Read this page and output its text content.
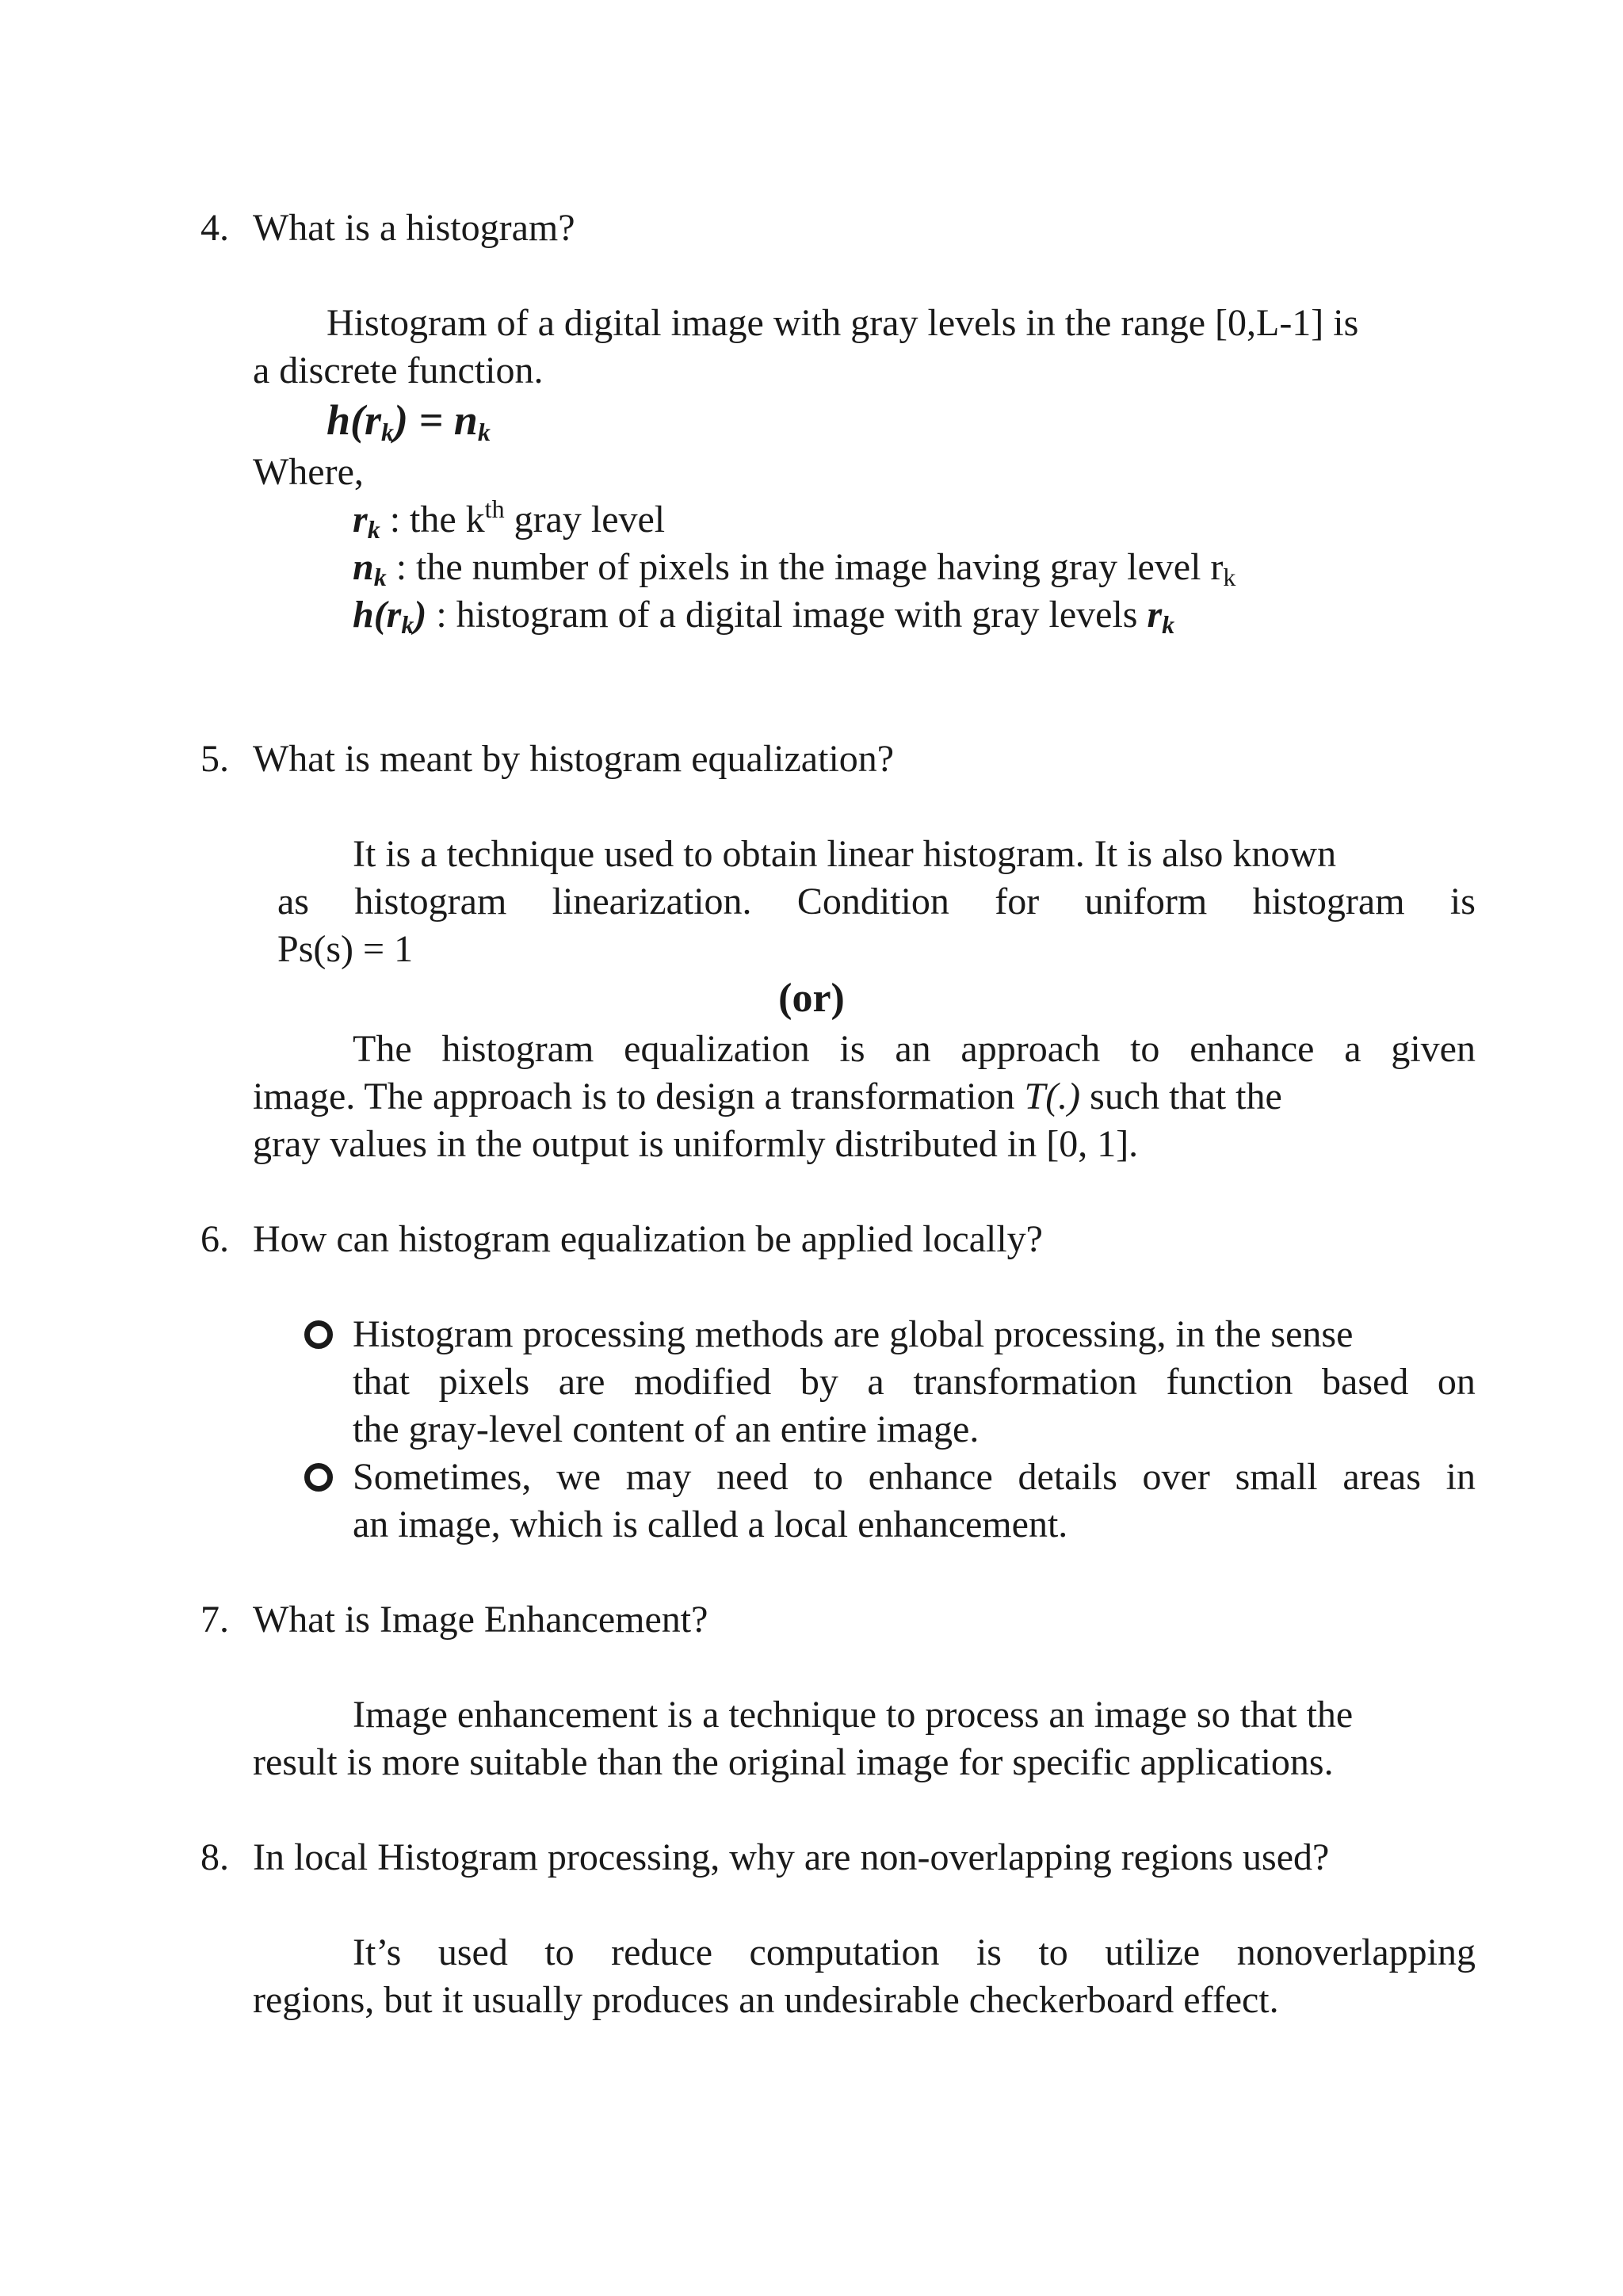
4. What is a histogram?
Histogram of a digital image with gray levels in the range [0,L-1] is
a discrete function.
$h(r_k) = n_k$
Where,
$r_k$ : the $k^{th}$ gray level
$n_k$ : the number of pixels in the image having gray level $r_k$
$h(r_k)$ : histogram of a digital image with gray levels $r_k$
5. What is meant by histogram equalization?
It is a technique used to obtain linear histogram. It is also known
as histogram linearization. Condition for uniform histogram is
Ps(s) = 1
(or)
The histogram equalization is an approach to enhance a given
image. The approach is to design a transformation T(.) such that the
gray values in the output is uniformly distributed in [0, 1].
6. How can histogram equalization be applied locally?
Histogram processing methods are global processing, in the sense
that pixels are modified by a transformation function based on
the gray-level content of an entire image.
Sometimes, we may need to enhance details over small areas in
an image, which is called a local enhancement.
7. What is Image Enhancement?
Image enhancement is a technique to process an image so that the
result is more suitable than the original image for specific applications.
8. In local Histogram processing, why are non-overlapping regions used?
It’s used to reduce computation is to utilize nonoverlapping
regions, but it usually produces an undesirable checkerboard effect.
